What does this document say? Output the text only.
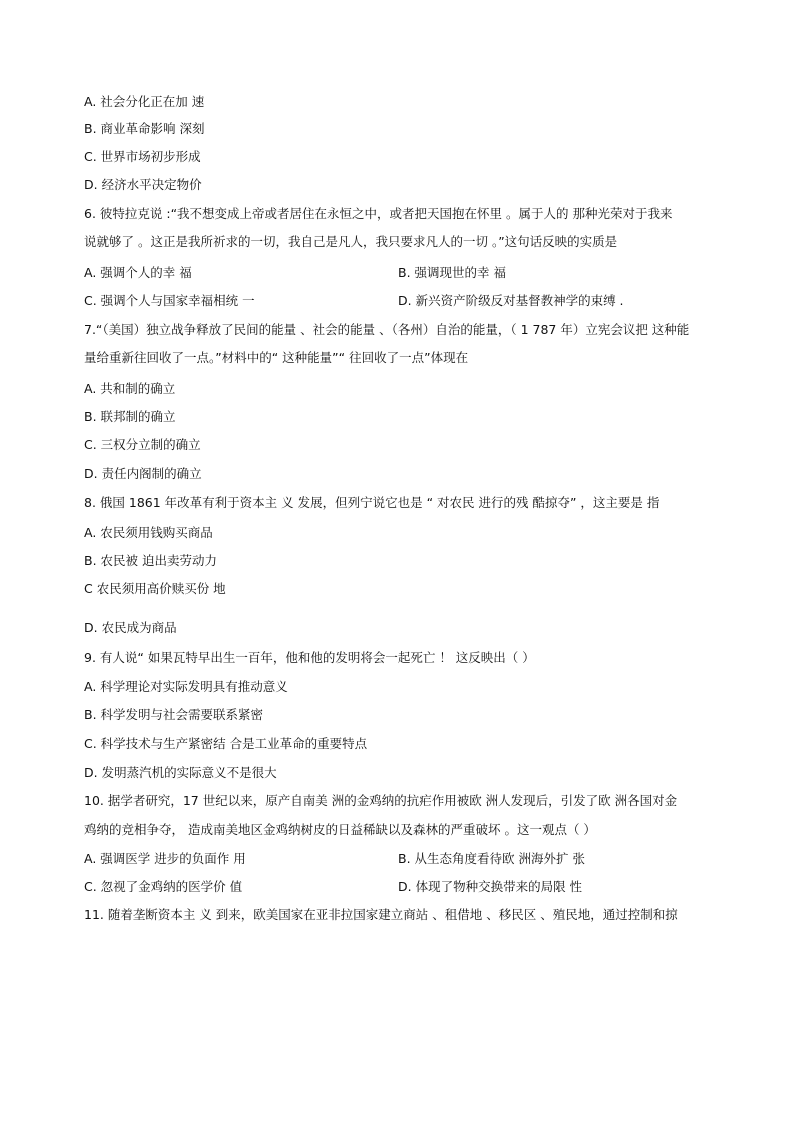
A. 社会分化正在加 速
B. 商业革命影响 深刻
C. 世界市场初步形成
D. 经济水平决定物价
6. 彼特拉克说 :“我不想变成上帝或者居住在永恒之中，或者把天国抱在怀里 。属于人的 那种光荣对于我来
说就够了 。这正是我所祈求的一切，我自己是凡人，我只要求凡人的一切 。”这句话反映的实质是
A. 强调个人的幸 福	B. 强调现世的幸 福
C. 强调个人与国家幸福相统 一	D. 新兴资产阶级反对基督教神学的束缚 .
7.“（美国）独立战争释放了民间的能量 、社会的能量 、（各州）自治的能量，（ 1 787 年）立宪会议把 这种能
量给重新往回收了一点。”材料中的“ 这种能量”“ 往回收了一点”体现在
A. 共和制的确立
B. 联邦制的确立
C. 三权分立制的确立
D. 责任内阁制的确立
8. 俄国 1861 年改革有利于资本主 义 发展，但列宁说它也是 “ 对农民 进行的残 酷掠夺” ，这主要是 指
A. 农民须用钱购买商品
B. 农民被 迫出卖劳动力
C 农民须用高价赎买份 地
D. 农民成为商品
9. 有人说“ 如果瓦特早出生一百年，他和他的发明将会一起死亡 ！ 这反映出（ ）
A. 科学理论对实际发明具有推动意义
B. 科学发明与社会需要联系紧密
C. 科学技术与生产紧密结 合是工业革命的重要特点
D. 发明蒸汽机的实际意义不是很大
10. 据学者研究，17 世纪以来，原产自南美 洲的金鸡纳的抗疟作用被欧 洲人发现后，引发了欧 洲各国对金
鸡纳的竞相争夺， 造成南美地区金鸡纳树皮的日益稀缺以及森林的严重破坏 。这一观点（ ）
A. 强调医学 进步的负面作 用	B. 从生态角度看待欧 洲海外扩 张
C. 忽视了金鸡纳的医学价 值	D. 体现了物种交换带来的局限 性
11. 随着垄断资本主 义 到来，欧美国家在亚非拉国家建立商站 、租借地 、移民区 、殖民地，通过控制和掠
